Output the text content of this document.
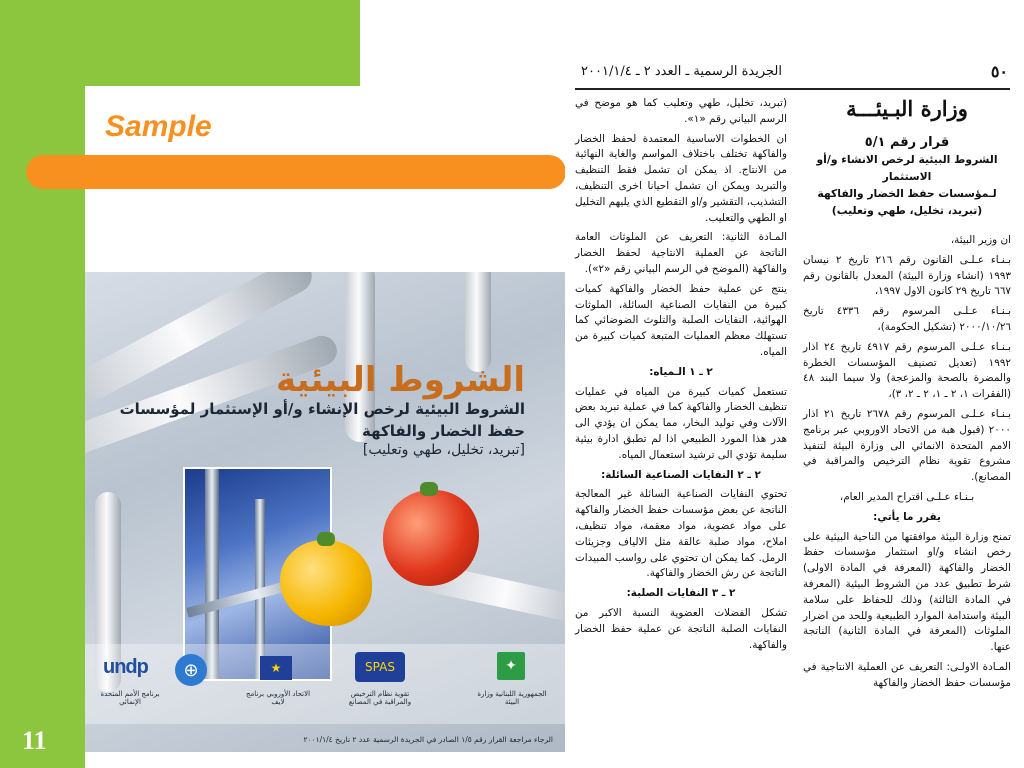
Sample
11
الشروط البيئية
الشروط البيئية لرخص الإنشاء و/أو الإستثمار لمؤسسات
حفظ الخضار والفاكهة
[تبريد، تخليل، طهي وتعليب]
undp
برنامج الأمم المتحدة الإنمائي
⊕	★
الاتحاد الأوروبي برنامج لايف
SPAS
تقوية نظام الترخيص والمراقبة في المصانع
✦
الجمهورية اللبنانية وزارة البيئة
الرجاء مراجعة القرار رقم ١/٥ الصادر في الجريدة الرسمية عدد ٢ تاريخ ٢٠٠١/١/٤
الجريدة الرسمية ـ العدد ٢ ـ ٢٠٠١/١/٤	٥٠
وزارة البـيئـــة
قرار رقم ٥/١
الشروط البيئية لرخص الانشاء و/أو الاستثمار
لـمؤسسات حفظ الخضار والفاكهة
(تبريد، تخليل، طهي وتعليب)

ان وزير البيئة،

بـنـاء عـلـى القانون رقم ٢١٦ تاريخ ٢ نيسان ١٩٩٣ (انشاء وزارة البيئة) المعدل بالقانون رقم ٦٦٧ تاريخ ٢٩ كانون الاول ١٩٩٧،

بـنـاء عـلـى المرسوم رقم ٤٣٣٦ تاريخ ٢٠٠٠/١٠/٢٦ (تشكيل الحكومة)،

بـنـاء عـلـى المرسوم رقم ٤٩١٧ تاريخ ٢٤ اذار ١٩٩٢ (تعديل تصنيف المؤسسات الخطرة والمضرة بالصحة والمزعجة) ولا سيما البند ٤٨ (الفقرات ١، ٢ ـ ١، ٢ ـ ٢، ٣)،

بـنـاء عـلـى المرسوم رقم ٢٦٧٨ تاريخ ٢١ اذار ٢٠٠٠ (قبول هبة من الاتحاد الاوروبي عبر برنامج الامم المتحدة الانمائي الى وزارة البيئة لتنفيذ مشروع تقوية نظام الترخيص والمراقبة في المصانع).

بـنـاء عـلـى اقتراح المدير العام،

يقرر ما يأتي:

تمنح وزارة البيئة موافقتها من الناحية البيئية على رخص انشاء و/او استثمار مؤسسات حفظ الخضار والفاكهة (المعرفة في المادة الاولى) شرط تطبيق عدد من الشروط البيئية (المعرفة في المادة الثالثة) وذلك للحفاظ على سلامة البيئة واستدامة الموارد الطبيعية وللحد من اضرار الملوثات (المعرفة في المادة الثانية) الناتجة عنها.

المـادة الاولـى: التعريف عن العملية الانتاجية في مؤسسات حفظ الخضار والفاكهة

(تبريد، تخليل، طهي وتعليب كما هو موضح في الرسم البياني رقم «١».

ان الخطوات الاساسية المعتمدة لحفظ الخضار والفاكهة تختلف باختلاف المواسم والغاية النهائية من الانتاج. اذ يمكن ان تشمل فقط التنظيف والتبريد ويمكن ان تشمل احيانا اخرى التنظيف، التشذيب، التقشير و/او التقطيع الذي يليهم التخليل او الطهي والتعليب.

المـادة الثانية: التعريف عن الملوثات العامة الناتجة عن العملية الانتاجية لحفظ الخضار والفاكهة (الموضح في الرسم البياني رقم «٢»).

ينتج عن عملية حفظ الخضار والفاكهة كميات كبيرة من النفايات الصناعية السائلة، الملوثات الهوائية، النفايات الصلبة والتلوث الضوضائي كما تستهلك معظم العمليات المتبعة كميات كبيرة من المياه.

٢ ـ ١ الـمياه:

تستعمل كميات كبيرة من المياه في عمليات تنظيف الخضار والفاكهة كما في عملية تبريد بعض الآلات وفي توليد البخار، مما يمكن ان يؤدي الى هدر هذا المورد الطبيعي اذا لم تطبق ادارة بيئية سليمة تؤدي الى ترشيد استعمال المياه.

٢ ـ ٢ النفايات الصناعية السائلة:

تحتوي النفايات الصناعية السائلة غير المعالجة الناتجة عن بعض مؤسسات حفظ الخضار والفاكهة على مواد عضوية، مواد معقمة، مواد تنظيف، املاح، مواد صلبة عالقة مثل الالياف وجزيئات الرمل. كما يمكن ان تحتوي على رواسب المبيدات الناتجة عن رش الخضار والفاكهة.

٢ ـ ٣ النفايات الصلبة:

تشكل الفضلات العضوية النسبة الاكبر من النفايات الصلبة الناتجة عن عملية حفظ الخضار والفاكهة.
